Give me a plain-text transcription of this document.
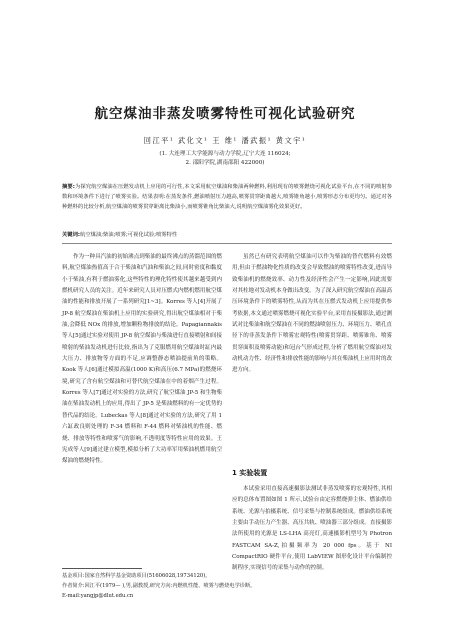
航空煤油非蒸发喷雾特性可视化试验研究
回江平¹ 武化文¹ 王 维¹ 潘武振¹ 黄文宇¹
(1. 大连理工大学能源与动力学院,辽宁大连 116024;
2. 邵阳学院,湖南邵阳 422000)

摘要:为探究航空煤油在压燃发动机上应用的可行性,本文采用航空煤油和柴油两种燃料,利用现有的喷雾燃烧可视化试验平台,在不同的喷射参数和环境条件下进行了喷雾实验。结果表明:在蒸发条件,燃油喷射压力越高,喷雾贯穿距离越大,喷雾锥角越小,喷雾形态分布更均匀。通过对各种燃料的比较分析,航空煤油的喷雾贯穿距离比柴油小,而喷雾锥角比柴油大,说明航空煤油雾化效果更好。

关键词:航空煤油;柴油;喷雾;可视化试验;喷雾特性

作为一种具汽油的初始沸点到柴油的最终沸点的蒸馏范围的燃料,航空煤油热值高于合于柴油和汽油和柴油之间,同时密度和黏度小于柴油,有利于燃油雾化,这些特性的理化特性使其越来越受到内燃机研究人员的关注。近年来研究人员对压燃式内燃机燃用航空煤油的性能和排放开展了一系列研究[1~3]。Korres 等人[4]开展了 JP-8 航空煤油在柴油机上应用的实验研究,得出航空煤油相对于柴油,会降低 NOx 的排放,增加颗粒物排放的结论。Papagiannakis 等人[5]通过实验对使用 JP-8 航空煤油与柴油进行直接喷射和间接喷射的柴油发动机进行比较,指出为了克服燃用航空煤油时缸内最大压力、排放物等方面的不足,应调整静态喷油提前角的策略。Kook 等人[6]通过模拟高温(1000 K)和高压(6.7 MPa)的燃烧环境,研究了含有航空煤油和可替代航空煤油在中的着烟产生过程。Korres 等人[7]通过对实验的方法,研究了航空煤油 JP-5 和生物柴油在柴油发动机上的应用,得出了 JP-5 是柴油燃料的有一定优势的替代品的结论。Lubeckas 等人[8]通过对实验的方法,研究了用 1 六缸政良则处理的 F-34 燃料和 F-44 燃料对柴油机的性能、燃烧、排放等特性和喷雾气的影响,不透明度等特性应用的效果。王宪成等人[9]通过建立模型,模拟分析了大功率军用柴油机燃用航空煤油的燃烧特性。

虽然已有研究表明航空煤油可以作为柴油的替代燃料有效燃用,但由于燃油物化性质的改变会导致燃油的喷雾特性改变,进而导致柴油机的燃烧效率、动力性及经济性会产生一定影响,因此需要对其柱地对发动机本身做出改变。为了深入研究航空煤油在高温高压环境条件下的喷雾特性,从而为其在压燃式发动机上应用提供参考依据,本文通过喷雾燃烧可视化实验平台,采用直接摄影法,通过测试对比柴油和航空煤油在不同的燃油喷射压力、环境压力、喷孔直径下的非蒸发条件下喷雾宏观特性(喷雾贯穿距、喷雾锥角、喷雾贯穿面积及喷雾动能)和冠台气形成过程,分析了燃用航空煤油对发动机动力性、经济性和排放性能的影响与其在柴油机上应用时的改进方向。

1 实验装置

本试验采用直接高速摄影法测试非蒸发喷雾的宏观特性,其相应的总体布置图如图 1 所示,试验台由定容燃烧弹主体、燃油供给系统、光源与拍摄系统、信号采集与控制系统组成。燃油供给系统主要由手动压力产生器、高压共轨、喷油器三部分组成。直接摄影法所使用的光源是 LS-LHA 高亮灯,高速摄影机型号为 Photron FASTCAM SA-Z,拍摄频率为 20 000 fps。基于 NI CompactRIO 硬件平台,使用 LabVIEW 图形化设计平台编制控制程序,实现信号的采集与动作的控制。

基金项目:国家自然科学基金资助项目(51606028,19734120)。

作者简介:回江平(1979— ),男,副教授,研究方向:内燃机性能、喷雾与燃烧电学诊断。

E-mail:yangjp@dlut.edu.cn
